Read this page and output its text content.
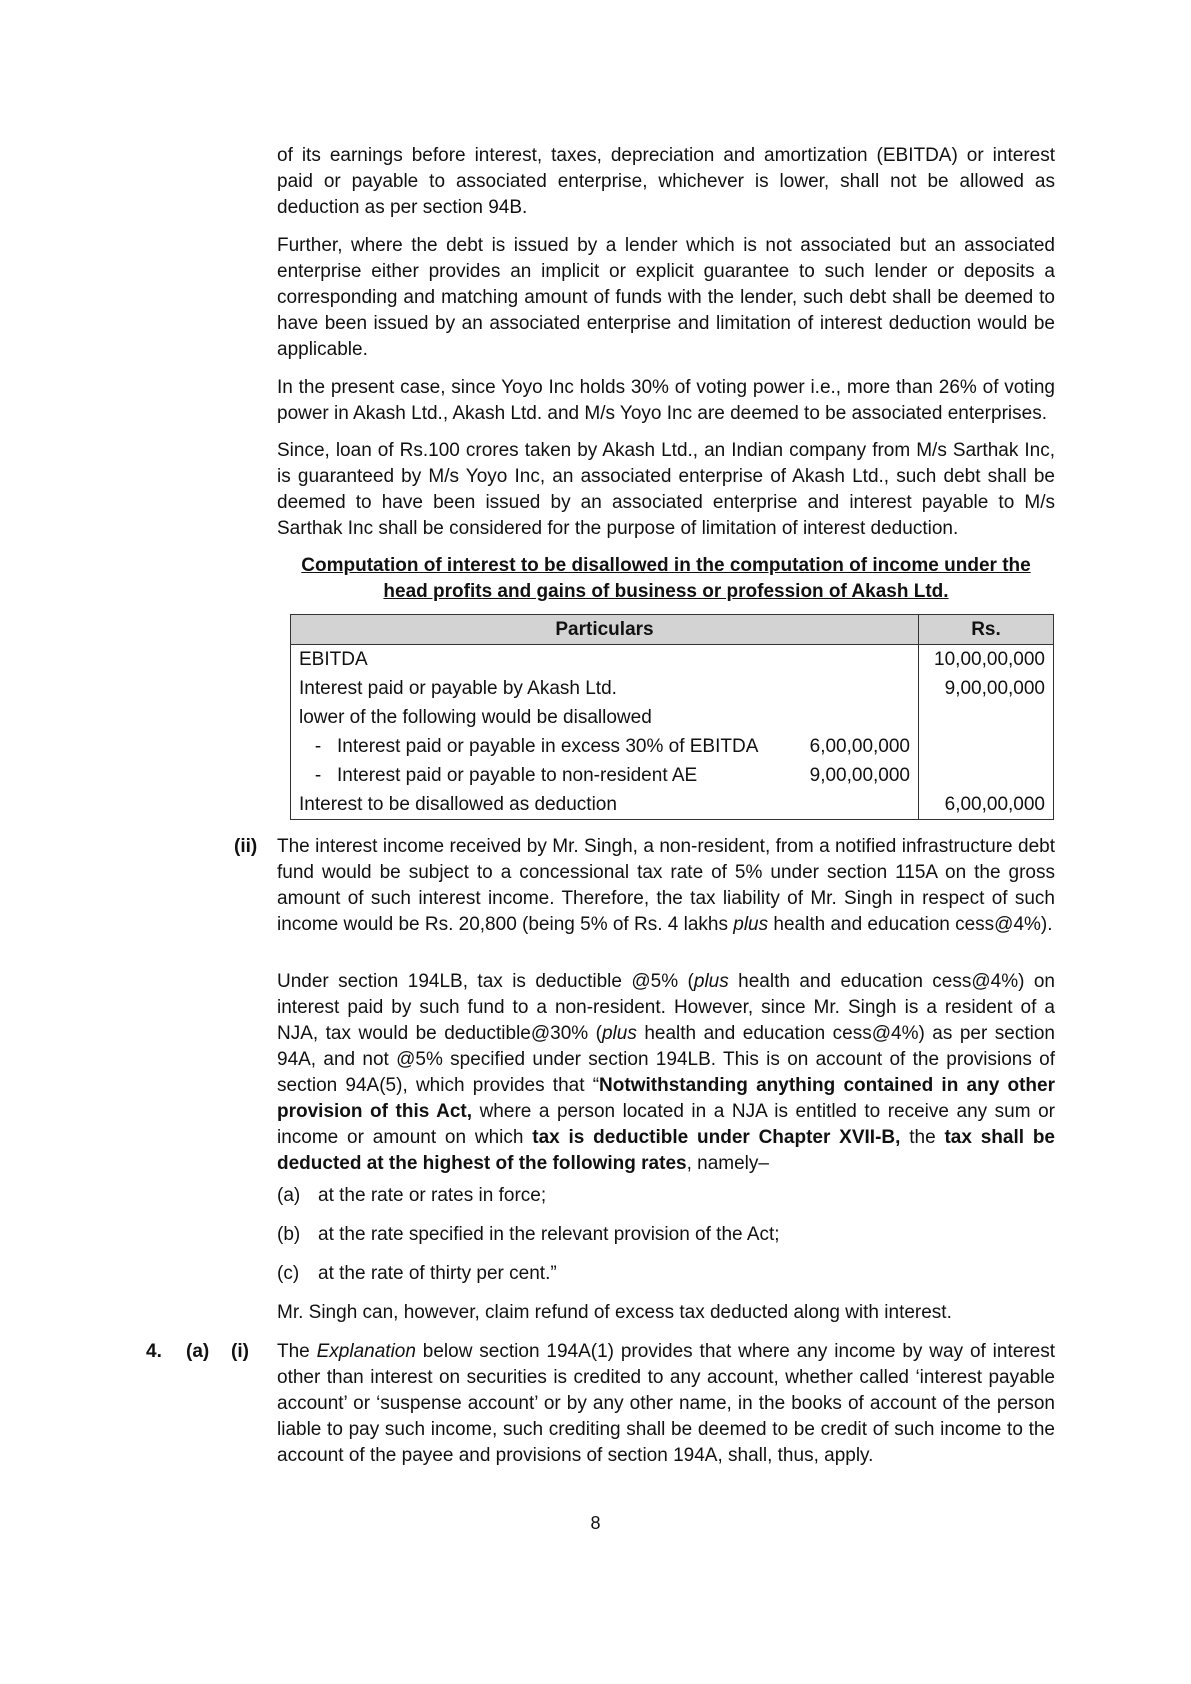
of its earnings before interest, taxes, depreciation and amortization (EBITDA) or interest paid or payable to associated enterprise, whichever is lower, shall not be allowed as deduction as per section 94B.

Further, where the debt is issued by a lender which is not associated but an associated enterprise either provides an implicit or explicit guarantee to such lender or deposits a corresponding and matching amount of funds with the lender, such debt shall be deemed to have been issued by an associated enterprise and limitation of interest deduction would be applicable.

In the present case, since Yoyo Inc holds 30% of voting power i.e., more than 26% of voting power in Akash Ltd., Akash Ltd. and M/s Yoyo Inc are deemed to be associated enterprises.

Since, loan of Rs.100 crores taken by Akash Ltd., an Indian company from M/s Sarthak Inc, is guaranteed by M/s Yoyo Inc, an associated enterprise of Akash Ltd., such debt shall be deemed to have been issued by an associated enterprise and interest payable to M/s Sarthak Inc shall be considered for the purpose of limitation of interest deduction.

Computation of interest to be disallowed in the computation of income under the

head profits and gains of business or profession of Akash Ltd.

Particulars	Rs.
EBITDA	10,00,00,000
Interest paid or payable by Akash Ltd.	9,00,00,000
lower of the following would be disallowed	

- Interest paid or payable in excess 30% of EBITDA 6,00,00,000	

- Interest paid or payable to non-resident AE 9,00,00,000	

Interest to be disallowed as deduction	6,00,00,000
(ii) The interest income received by Mr. Singh, a non-resident, from a notified infrastructure debt fund would be subject to a concessional tax rate of 5% under section 115A on the gross amount of such interest income. Therefore, the tax liability of Mr. Singh in respect of such income would be Rs. 20,800 (being 5% of Rs. 4 lakhs plus health and education cess@4%).

Under section 194LB, tax is deductible @5% (plus health and education cess@4%) on interest paid by such fund to a non-resident. However, since Mr. Singh is a resident of a NJA, tax would be deductible@30% (plus health and education cess@4%) as per section 94A, and not @5% specified under section 194LB. This is on account of the provisions of section 94A(5), which provides that “Notwithstanding anything contained in any other provision of this Act, where a person located in a NJA is entitled to receive any sum or income or amount on which tax is deductible under Chapter XVII-B, the tax shall be deducted at the highest of the following rates, namely–

(a) at the rate or rates in force;

(b) at the rate specified in the relevant provision of the Act;

(c) at the rate of thirty per cent.”

Mr. Singh can, however, claim refund of excess tax deducted along with interest.

4. (a) (i) The Explanation below section 194A(1) provides that where any income by way of interest other than interest on securities is credited to any account, whether called ‘interest payable account’ or ‘suspense account’ or by any other name, in the books of account of the person liable to pay such income, such crediting shall be deemed to be credit of such income to the account of the payee and provisions of section 194A, shall, thus, apply.

8
